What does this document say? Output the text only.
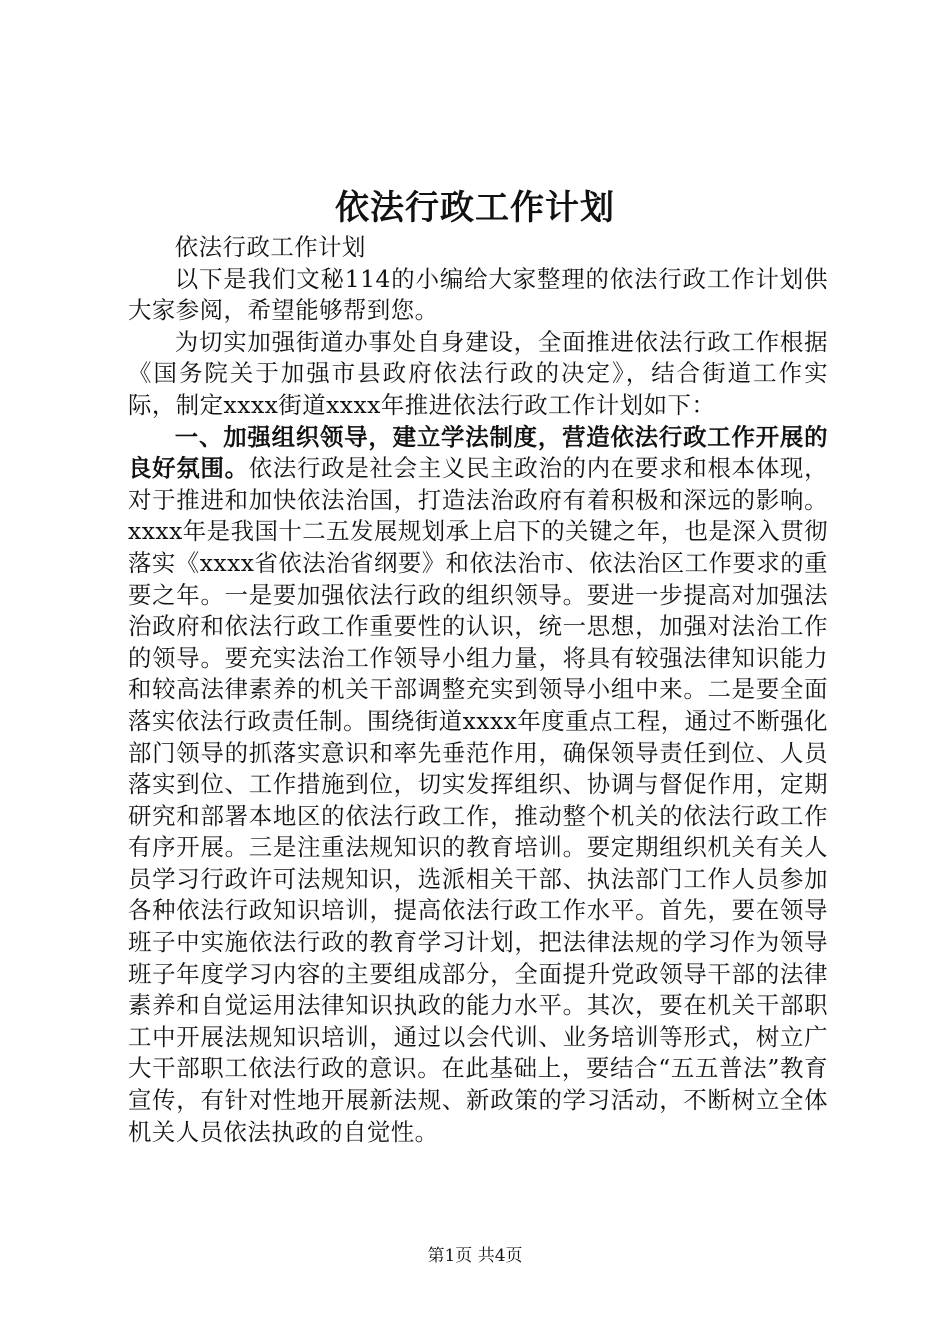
依法行政工作计划

依法行政工作计划

以下是我们文秘114的小编给大家整理的依法行政工作计划供大家参阅，希望能够帮到您。

为切实加强街道办事处自身建设，全面推进依法行政工作根据《国务院关于加强市县政府依法行政的决定》，结合街道工作实际，制定xxxx街道xxxx年推进依法行政工作计划如下：

一、加强组织领导，建立学法制度，营造依法行政工作开展的良好氛围。依法行政是社会主义民主政治的内在要求和根本体现，对于推进和加快依法治国，打造法治政府有着积极和深远的影响。xxxx年是我国十二五发展规划承上启下的关键之年，也是深入贯彻落实《xxxx省依法治省纲要》和依法治市、依法治区工作要求的重要之年。一是要加强依法行政的组织领导。要进一步提高对加强法治政府和依法行政工作重要性的认识，统一思想，加强对法治工作的领导。要充实法治工作领导小组力量，将具有较强法律知识能力和较高法律素养的机关干部调整充实到领导小组中来。二是要全面落实依法行政责任制。围绕街道xxxx年度重点工程，通过不断强化部门领导的抓落实意识和率先垂范作用，确保领导责任到位、人员落实到位、工作措施到位，切实发挥组织、协调与督促作用，定期研究和部署本地区的依法行政工作，推动整个机关的依法行政工作有序开展。三是注重法规知识的教育培训。要定期组织机关有关人员学习行政许可法规知识，选派相关干部、执法部门工作人员参加各种依法行政知识培训，提高依法行政工作水平。首先，要在领导班子中实施依法行政的教育学习计划，把法律法规的学习作为领导班子年度学习内容的主要组成部分，全面提升党政领导干部的法律素养和自觉运用法律知识执政的能力水平。其次，要在机关干部职工中开展法规知识培训，通过以会代训、业务培训等形式，树立广大干部职工依法行政的意识。在此基础上，要结合“五五普法”教育宣传，有针对性地开展新法规、新政策的学习活动，不断树立全体机关人员依法执政的自觉性。

第1页 共4页
